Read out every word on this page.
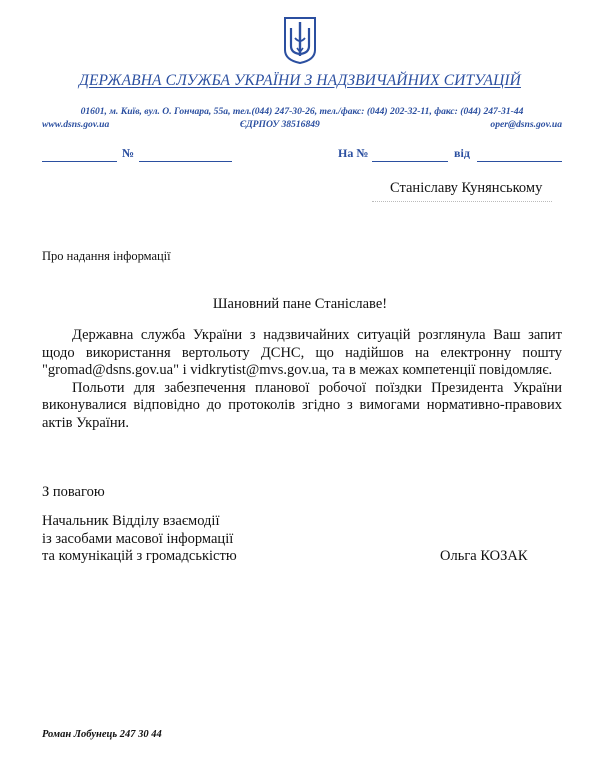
ДЕРЖАВНА СЛУЖБА УКРАЇНИ З НАДЗВИЧАЙНИХ СИТУАЦІЙ
01601, м. Київ, вул. О. Гончара, 55а, тел.(044) 247-30-26, тел./факс: (044) 202-32-11, факс: (044) 247-31-44
www.dsns.gov.ua	ЄДРПОУ 38516849	oper@dsns.gov.ua
№	На №	від
Станіславу Кунянському
Про надання інформації
Шановний пане Станіславе!

Державна служба України з надзвичайних ситуацій розглянула Ваш запит щодо використання вертольоту ДСНС, що надійшов на електронну пошту "gromad@dsns.gov.ua" і vidkrytist@mvs.gov.ua, та в межах компетенції повідомляє.

Польоти для забезпечення планової робочої поїздки Президента України виконувалися відповідно до протоколів згідно з вимогами нормативно-правових актів України.

З повагою
Начальник Відділу взаємодії
із засобами масової інформації
та комунікацій з громадськістю	Ольга КОЗАК
Роман Лобунець 247 30 44
